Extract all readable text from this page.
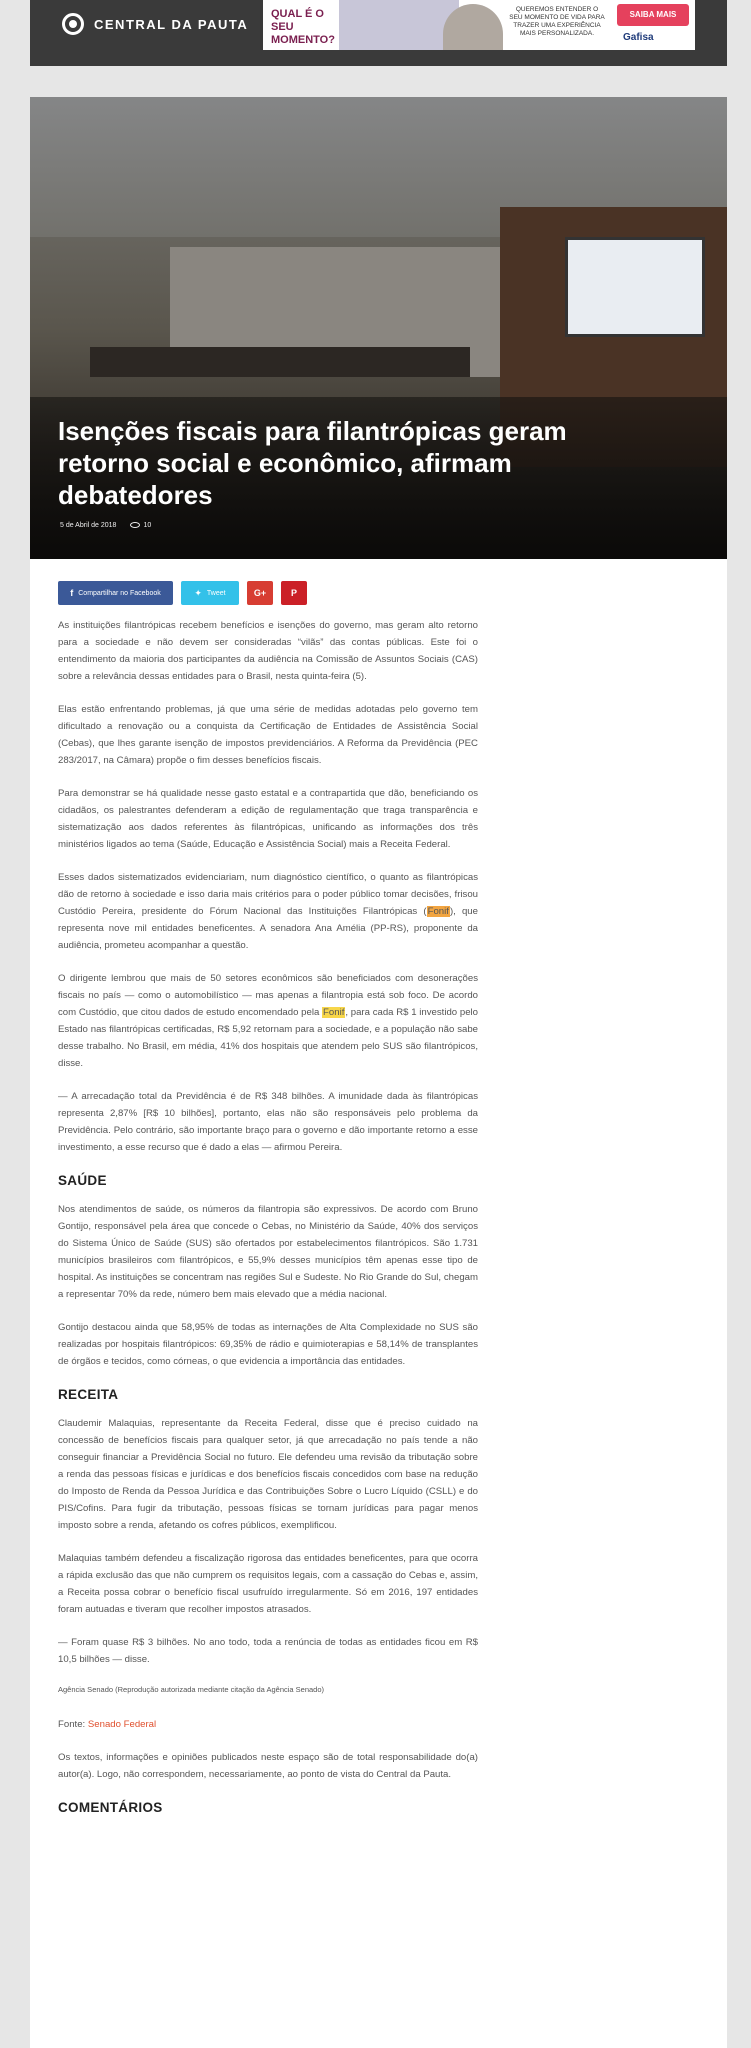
CENTRAL DA PAUTA
QUAL É O SEU MOMENTO?
QUEREMOS ENTENDER O SEU MOMENTO DE VIDA PARA TRAZER UMA EXPERIÊNCIA MAIS PERSONALIZADA.
SAIBA MAIS
Gafisa
Isenções fiscais para filantrópicas geram retorno social e econômico, afirmam debatedores
5 de Abril de 2018	10
f Compartilhar no Facebook	✦ Tweet	G+	P

As instituições filantrópicas recebem benefícios e isenções do governo, mas geram alto retorno para a sociedade e não devem ser consideradas “vilãs” das contas públicas. Este foi o entendimento da maioria dos participantes da audiência na Comissão de Assuntos Sociais (CAS) sobre a relevância dessas entidades para o Brasil, nesta quinta-feira (5).

Elas estão enfrentando problemas, já que uma série de medidas adotadas pelo governo tem dificultado a renovação ou a conquista da Certificação de Entidades de Assistência Social (Cebas), que lhes garante isenção de impostos previdenciários. A Reforma da Previdência (PEC 283/2017, na Câmara) propõe o fim desses benefícios fiscais.

Para demonstrar se há qualidade nesse gasto estatal e a contrapartida que dão, beneficiando os cidadãos, os palestrantes defenderam a edição de regulamentação que traga transparência e sistematização aos dados referentes às filantrópicas, unificando as informações dos três ministérios ligados ao tema (Saúde, Educação e Assistência Social) mais a Receita Federal.

Esses dados sistematizados evidenciariam, num diagnóstico científico, o quanto as filantrópicas dão de retorno à sociedade e isso daria mais critérios para o poder público tomar decisões, frisou Custódio Pereira, presidente do Fórum Nacional das Instituições Filantrópicas (Fonif), que representa nove mil entidades beneficentes. A senadora Ana Amélia (PP-RS), proponente da audiência, prometeu acompanhar a questão.

O dirigente lembrou que mais de 50 setores econômicos são beneficiados com desonerações fiscais no país — como o automobilístico — mas apenas a filantropia está sob foco. De acordo com Custódio, que citou dados de estudo encomendado pela Fonif, para cada R$ 1 investido pelo Estado nas filantrópicas certificadas, R$ 5,92 retornam para a sociedade, e a população não sabe desse trabalho. No Brasil, em média, 41% dos hospitais que atendem pelo SUS são filantrópicos, disse.

— A arrecadação total da Previdência é de R$ 348 bilhões. A imunidade dada às filantrópicas representa 2,87% [R$ 10 bilhões], portanto, elas não são responsáveis pelo problema da Previdência. Pelo contrário, são importante braço para o governo e dão importante retorno a esse investimento, a esse recurso que é dado a elas — afirmou Pereira.

SAÚDE

Nos atendimentos de saúde, os números da filantropia são expressivos. De acordo com Bruno Gontijo, responsável pela área que concede o Cebas, no Ministério da Saúde, 40% dos serviços do Sistema Único de Saúde (SUS) são ofertados por estabelecimentos filantrópicos. São 1.731 municípios brasileiros com filantrópicos, e 55,9% desses municípios têm apenas esse tipo de hospital. As instituições se concentram nas regiões Sul e Sudeste. No Rio Grande do Sul, chegam a representar 70% da rede, número bem mais elevado que a média nacional.

Gontijo destacou ainda que 58,95% de todas as internações de Alta Complexidade no SUS são realizadas por hospitais filantrópicos: 69,35% de rádio e quimioterapias e 58,14% de transplantes de órgãos e tecidos, como córneas, o que evidencia a importância das entidades.

RECEITA

Claudemir Malaquias, representante da Receita Federal, disse que é preciso cuidado na concessão de benefícios fiscais para qualquer setor, já que arrecadação no país tende a não conseguir financiar a Previdência Social no futuro. Ele defendeu uma revisão da tributação sobre a renda das pessoas físicas e jurídicas e dos benefícios fiscais concedidos com base na redução do Imposto de Renda da Pessoa Jurídica e das Contribuições Sobre o Lucro Líquido (CSLL) e do PIS/Cofins. Para fugir da tributação, pessoas físicas se tornam jurídicas para pagar menos imposto sobre a renda, afetando os cofres públicos, exemplificou.

Malaquias também defendeu a fiscalização rigorosa das entidades beneficentes, para que ocorra a rápida exclusão das que não cumprem os requisitos legais, com a cassação do Cebas e, assim, a Receita possa cobrar o benefício fiscal usufruído irregularmente. Só em 2016, 197 entidades foram autuadas e tiveram que recolher impostos atrasados.

— Foram quase R$ 3 bilhões. No ano todo, toda a renúncia de todas as entidades ficou em R$ 10,5 bilhões — disse.

Agência Senado (Reprodução autorizada mediante citação da Agência Senado)

Fonte: Senado Federal

Os textos, informações e opiniões publicados neste espaço são de total responsabilidade do(a) autor(a). Logo, não correspondem, necessariamente, ao ponto de vista do Central da Pauta.

COMENTÁRIOS
